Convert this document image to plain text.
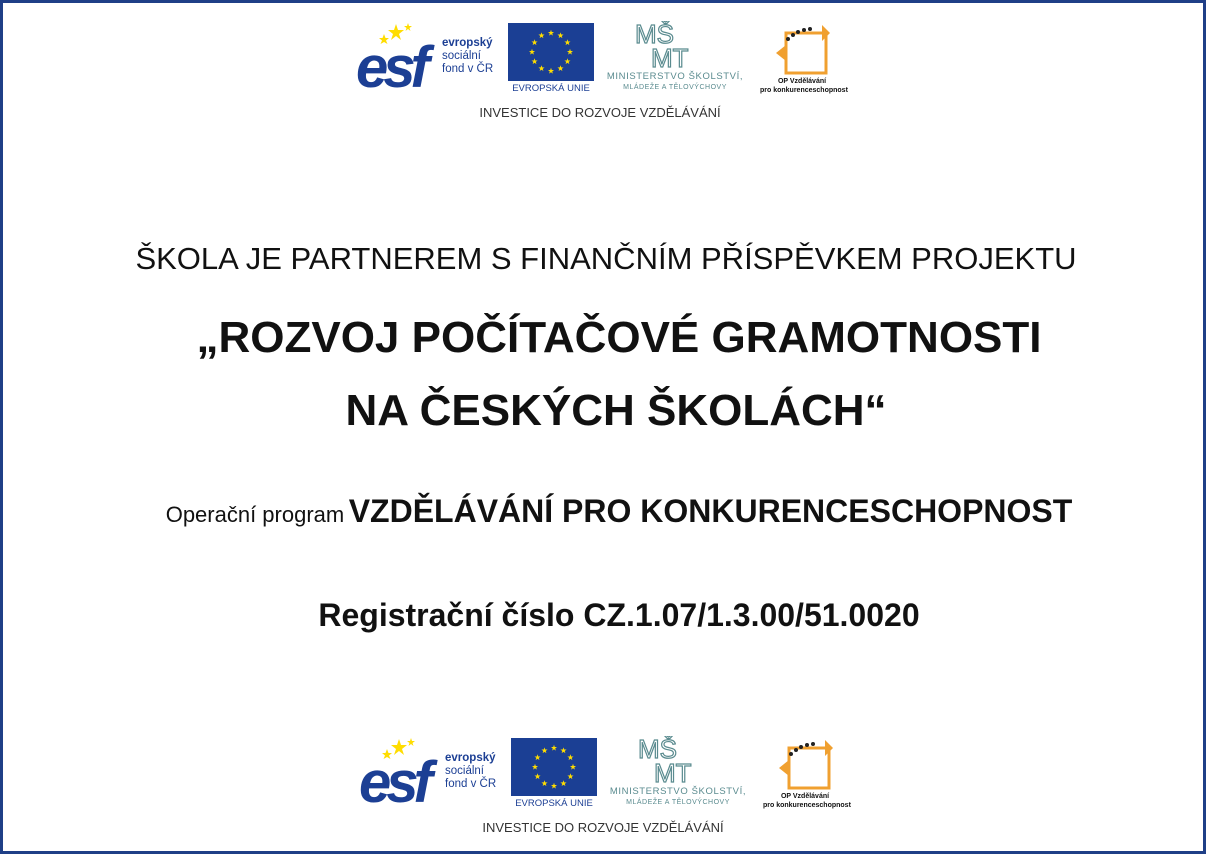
esf evropský
sociální
fond v ČR
EVROPSKÁ UNIE
MŠ
MT
MINISTERSTVO ŠKOLSTVÍ,
MLÁDEŽE A TĚLOVÝCHOVY
OP Vzdělávání
pro konkurenceschopnost
INVESTICE DO ROZVOJE VZDĚLÁVÁNÍ
ŠKOLA JE PARTNEREM S FINANČNÍM PŘÍSPĚVKEM PROJEKTU
„ROZVOJ POČÍTAČOVÉ GRAMOTNOSTI
NA ČESKÝCH ŠKOLÁCH“
Operační program VZDĚLÁVÁNÍ PRO KONKURENCESCHOPNOST
Registrační číslo CZ.1.07/1.3.00/51.0020
esf evropský
sociální
fond v ČR
EVROPSKÁ UNIE
MŠ
MT
MINISTERSTVO ŠKOLSTVÍ,
MLÁDEŽE A TĚLOVÝCHOVY
OP Vzdělávání
pro konkurenceschopnost
INVESTICE DO ROZVOJE VZDĚLÁVÁNÍ
